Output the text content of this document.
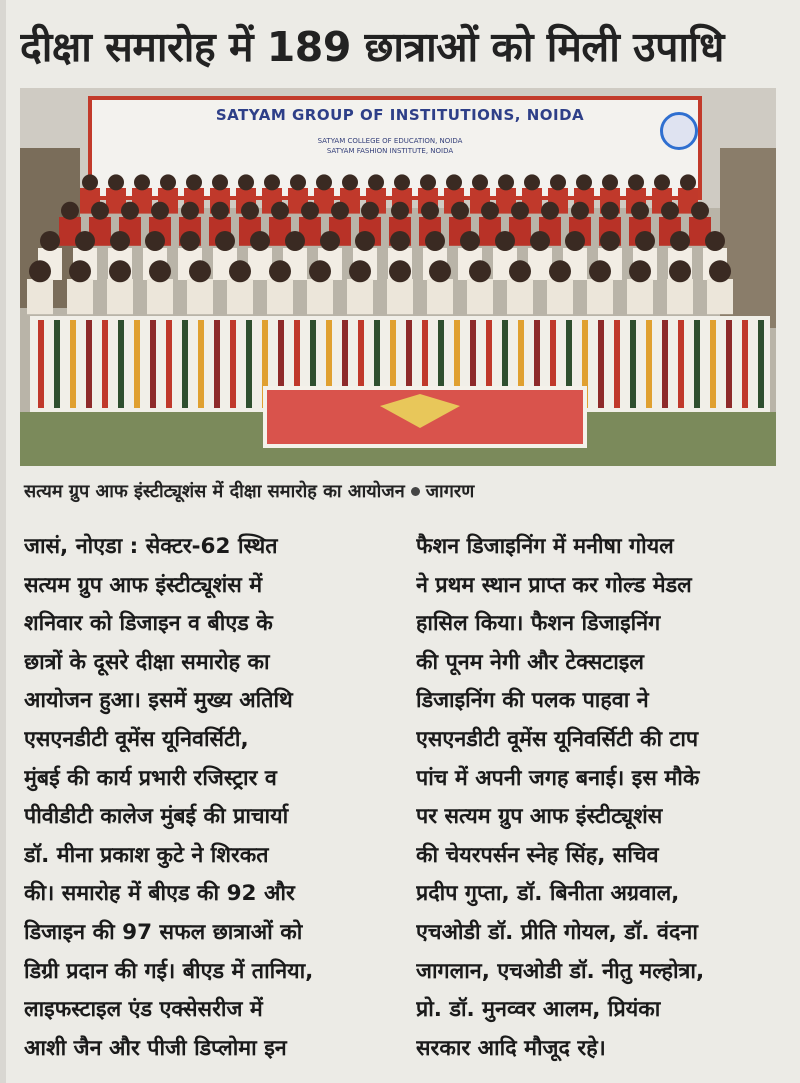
दीक्षा समारोह में 189 छात्राओं को मिली उपाधि
SATYAM GROUP OF INSTITUTIONS, NOIDA
SATYAM COLLEGE OF EDUCATION, NOIDA
SATYAM FASHION INSTITUTE, NOIDA
सत्यम ग्रुप आफ इंस्टीट्यूशंस में दीक्षा समारोह का आयोजन जागरण
जासं, नोएडा : सेक्टर-62 स्थित
सत्यम ग्रुप आफ इंस्टीट्यूशंस में
शनिवार को डिजाइन व बीएड के
छात्रों के दूसरे दीक्षा समारोह का
आयोजन हुआ। इसमें मुख्य अतिथि
एसएनडीटी वूमेंस यूनिवर्सिटी,
मुंबई की कार्य प्रभारी रजिस्ट्रार व
पीवीडीटी कालेज मुंबई की प्राचार्या
डॉ. मीना प्रकाश कुटे ने शिरकत
की। समारोह में बीएड की 92 और
डिजाइन की 97 सफल छात्राओं को
डिग्री प्रदान की गई। बीएड में तानिया,
लाइफस्टाइल एंड एक्सेसरीज में
आशी जैन और पीजी डिप्लोमा इन
फैशन डिजाइनिंग में मनीषा गोयल
ने प्रथम स्थान प्राप्त कर गोल्ड मेडल
हासिल किया। फैशन डिजाइनिंग
की पूनम नेगी और टेक्सटाइल
डिजाइनिंग की पलक पाहवा ने
एसएनडीटी वूमेंस यूनिवर्सिटी की टाप
पांच में अपनी जगह बनाई। इस मौके
पर सत्यम ग्रुप आफ इंस्टीट्यूशंस
की चेयरपर्सन स्नेह सिंह, सचिव
प्रदीप गुप्ता, डॉ. बिनीता अग्रवाल,
एचओडी डॉ. प्रीति गोयल, डॉ. वंदना
जागलान, एचओडी डॉ. नीतु मल्होत्रा,
प्रो. डॉ. मुनव्वर आलम, प्रियंका
सरकार आदि मौजूद रहे।
